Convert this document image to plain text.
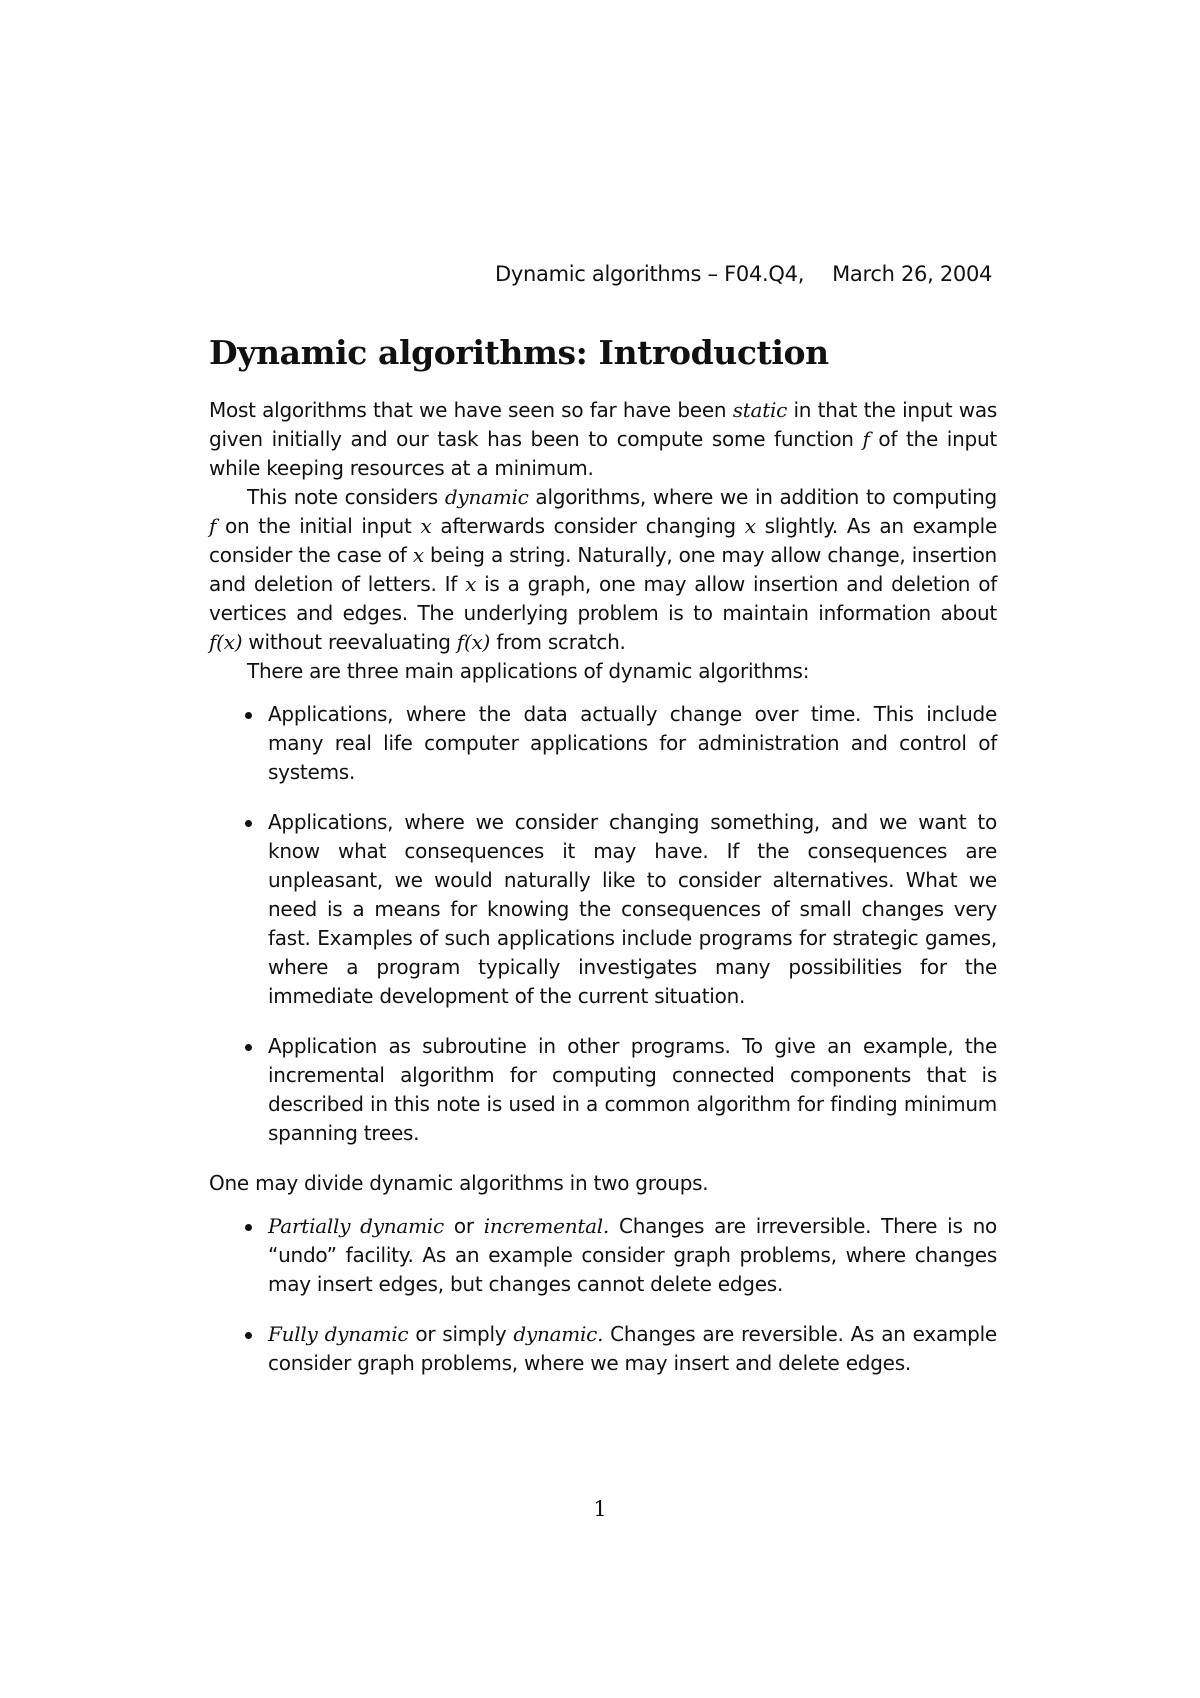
Dynamic algorithms – F04.Q4, March 26, 2004
Dynamic algorithms: Introduction

Most algorithms that we have seen so far have been static in that the input was given initially and our task has been to compute some function f of the input while keeping resources at a minimum.

This note considers dynamic algorithms, where we in addition to computing f on the initial input x afterwards consider changing x slightly. As an example consider the case of x being a string. Naturally, one may allow change, insertion and deletion of letters. If x is a graph, one may allow insertion and deletion of vertices and edges. The underlying problem is to maintain information about f(x) without reevaluating f(x) from scratch.

There are three main applications of dynamic algorithms:

Applications, where the data actually change over time. This include many real life computer applications for administration and control of systems.
Applications, where we consider changing something, and we want to know what consequences it may have. If the consequences are unpleasant, we would naturally like to consider alternatives. What we need is a means for knowing the consequences of small changes very fast. Examples of such applications include programs for strategic games, where a program typically investigates many possibilities for the immediate development of the current situation.
Application as subroutine in other programs. To give an example, the incremental algorithm for computing connected components that is described in this note is used in a common algorithm for finding minimum spanning trees.

One may divide dynamic algorithms in two groups.

Partially dynamic or incremental. Changes are irreversible. There is no “undo” facility. As an example consider graph problems, where changes may insert edges, but changes cannot delete edges.
Fully dynamic or simply dynamic. Changes are reversible. As an example consider graph problems, where we may insert and delete edges.
1
